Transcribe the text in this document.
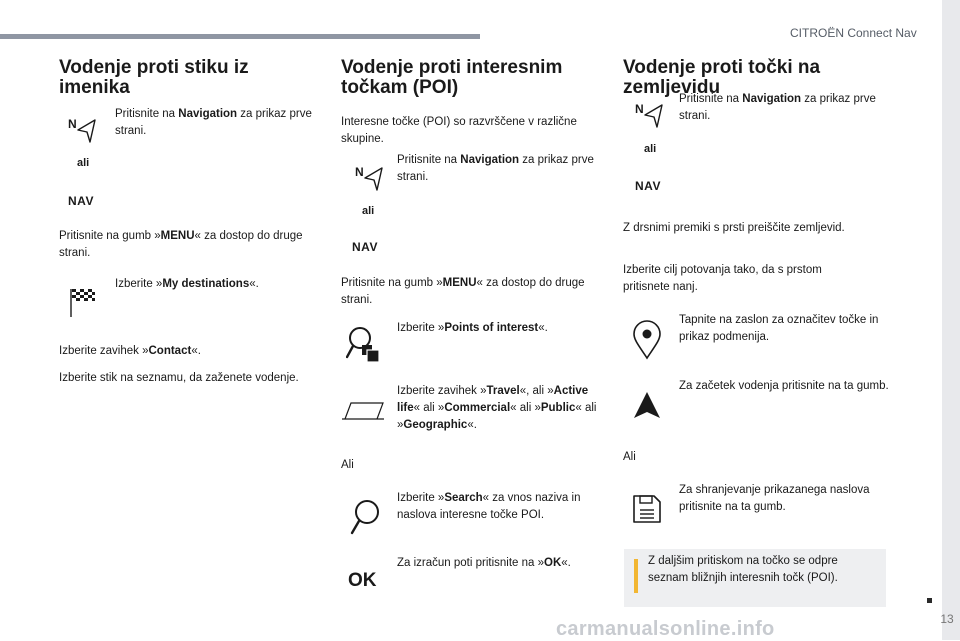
CITROËN Connect Nav
13
carmanualsonline.info
Vodenje proti stiku iz
imenika
N
ali
NAV
Pritisnite na Navigation za prikaz prve strani.
Pritisnite na gumb »MENU« za dostop do druge strani.
Izberite »My destinations«.
Izberite zavihek »Contact«.
Izberite stik na seznamu, da zaženete vodenje.
Vodenje proti interesnim
točkam (POI)
Interesne točke (POI) so razvrščene v različne skupine.
N
ali
NAV
Pritisnite na Navigation za prikaz prve strani.
Pritisnite na gumb »MENU« za dostop do druge strani.
Izberite »Points of interest«.
Izberite zavihek »Travel«, ali »Active life« ali »Commercial« ali »Public« ali »Geographic«.
Ali
Izberite »Search« za vnos naziva in naslova interesne točke POI.
OK
Za izračun poti pritisnite na »OK«.
Vodenje proti točki na
zemljevidu
N
ali
NAV
Pritisnite na Navigation za prikaz prve strani.
Z drsnimi premiki s prsti preiščite zemljevid.
Izberite cilj potovanja tako, da s prstom pritisnete nanj.
Tapnite na zaslon za označitev točke in prikaz podmenija.
Za začetek vodenja pritisnite na ta gumb.
Ali
Za shranjevanje prikazanega naslova pritisnite na ta gumb.
Z daljšim pritiskom na točko se odpre seznam bližnjih interesnih točk (POI).
